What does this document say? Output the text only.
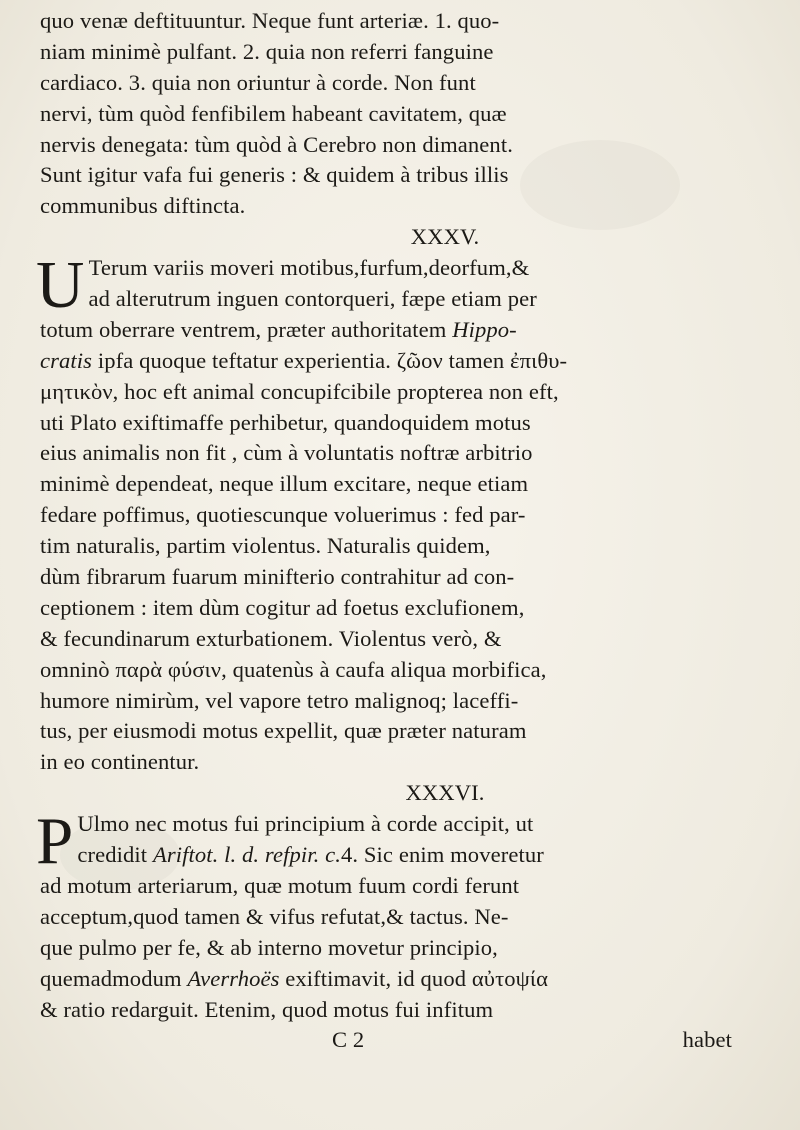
quo venæ deftituuntur. Neque funt arteriæ. 1. quo-
niam minimè pulfant. 2. quia non referri fanguine
cardiaco. 3. quia non oriuntur à corde. Non funt
nervi, tùm quòd fenfibilem habeant cavitatem, quæ
nervis denegata: tùm quòd à Cerebro non dimanent.
Sunt igitur vafa fui generis : & quidem à tribus illis
communibus diftincta.
XXXV.
U Terum variis moveri motibus,furfum,deorfum,&
ad alterutrum inguen contorqueri, fæpe etiam per
totum oberrare ventrem, præter authoritatem Hippo-
cratis ipfa quoque teftatur experientia. ζῶον tamen ἐπιθυ-
μητικὸν, hoc eft animal concupifcibile propterea non eft,
uti Plato exiftimaffe perhibetur, quandoquidem motus
eius animalis non fit , cùm à voluntatis noftræ arbitrio
minimè dependeat, neque illum excitare, neque etiam
fedare poffimus, quotiescunque voluerimus : fed par-
tim naturalis, partim violentus. Naturalis quidem,
dùm fibrarum fuarum minifterio contrahitur ad con-
ceptionem : item dùm cogitur ad foetus exclufionem,
& fecundinarum exturbationem. Violentus verò, &
omninò παρὰ φύσιν, quatenùs à caufa aliqua morbifica,
humore nimirùm, vel vapore tetro malignoq; laceffi-
tus, per eiusmodi motus expellit, quæ præter naturam
in eo continentur.
XXXVI.
P Ulmo nec motus fui principium à corde accipit, ut
credidit Ariftot. l. d. refpir. c.4. Sic enim moveretur
ad motum arteriarum, quæ motum fuum cordi ferunt
acceptum,quod tamen & vifus refutat,& tactus. Ne-
que pulmo per fe, & ab interno movetur principio,
quemadmodum Averrhoës exiftimavit, id quod αὐτοψία
& ratio redarguit. Etenim, quod motus fui infitum
C 2	habet
